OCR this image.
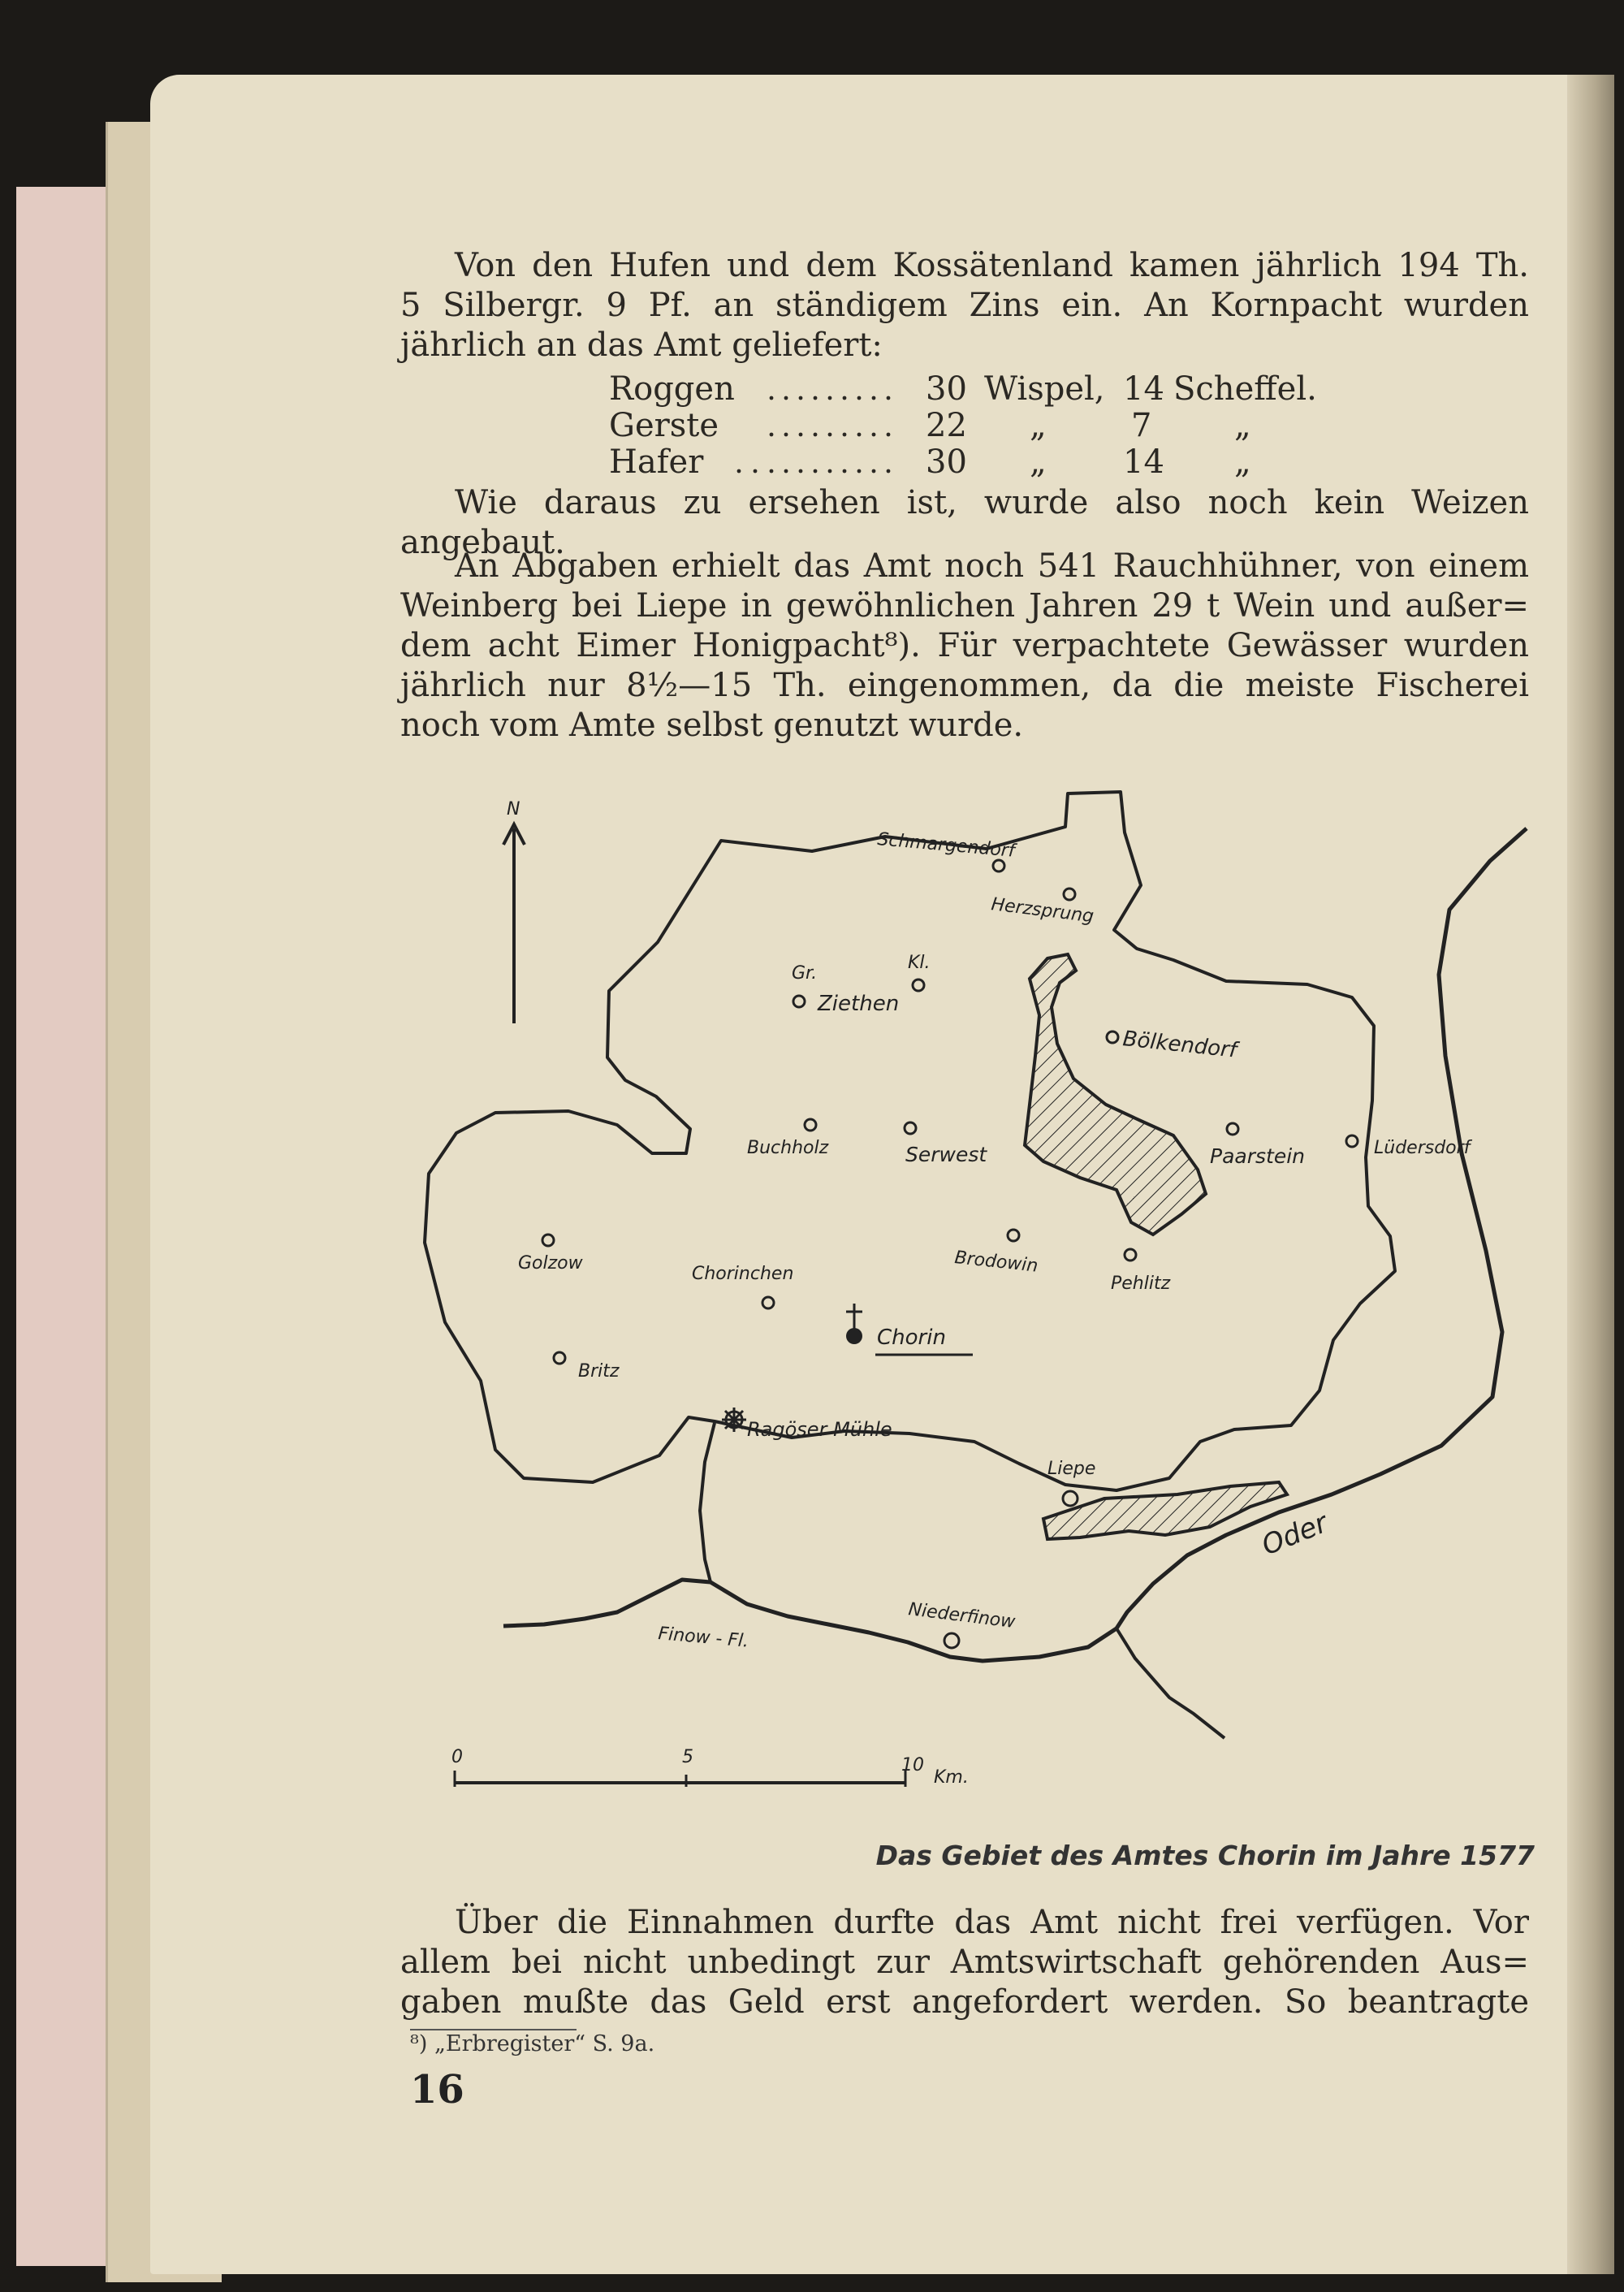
Von den Hufen und dem Kossätenland kamen jährlich 194 Th.
5 Silbergr. 9 Pf. an ständigem Zins ein. An Kornpacht wurden
jährlich an das Amt geliefert:
Roggen	30 Wispel, 14 Scheffel.
Gerste	22 „	7	„
Hafer	30 „ 14 „
Wie daraus zu ersehen ist, wurde also noch kein Weizen
angebaut.
An Abgaben erhielt das Amt noch 541 Rauchhühner, von einem
Weinberg bei Liepe in gewöhnlichen Jahren 29 t Wein und außer=
dem acht Eimer Honigpacht⁸). Für verpachtete Gewässer wurden
jährlich nur 8½—15 Th. eingenommen, da die meiste Fischerei
noch vom Amte selbst genutzt wurde.
N
Schmargendorf
Herzsprung
Gr.
Kl.
Ziethen
Bölkendorf
Buchholz	Serwest	Paarstein	Lüdersdorf
Golzow
Chorinchen	Brodowin
Pehlitz
Chorin
Britz
Ragöser Mühle
Liepe
Oder
Niederfinow
Finow - Fl.
0	5	10
Km.
Das Gebiet des Amtes Chorin im Jahre 1577
Über die Einnahmen durfte das Amt nicht frei verfügen. Vor
allem bei nicht unbedingt zur Amtswirtschaft gehörenden Aus=
gaben mußte das Geld erst angefordert werden. So beantragte
⁸) „Erbregister“ S. 9a.
16
